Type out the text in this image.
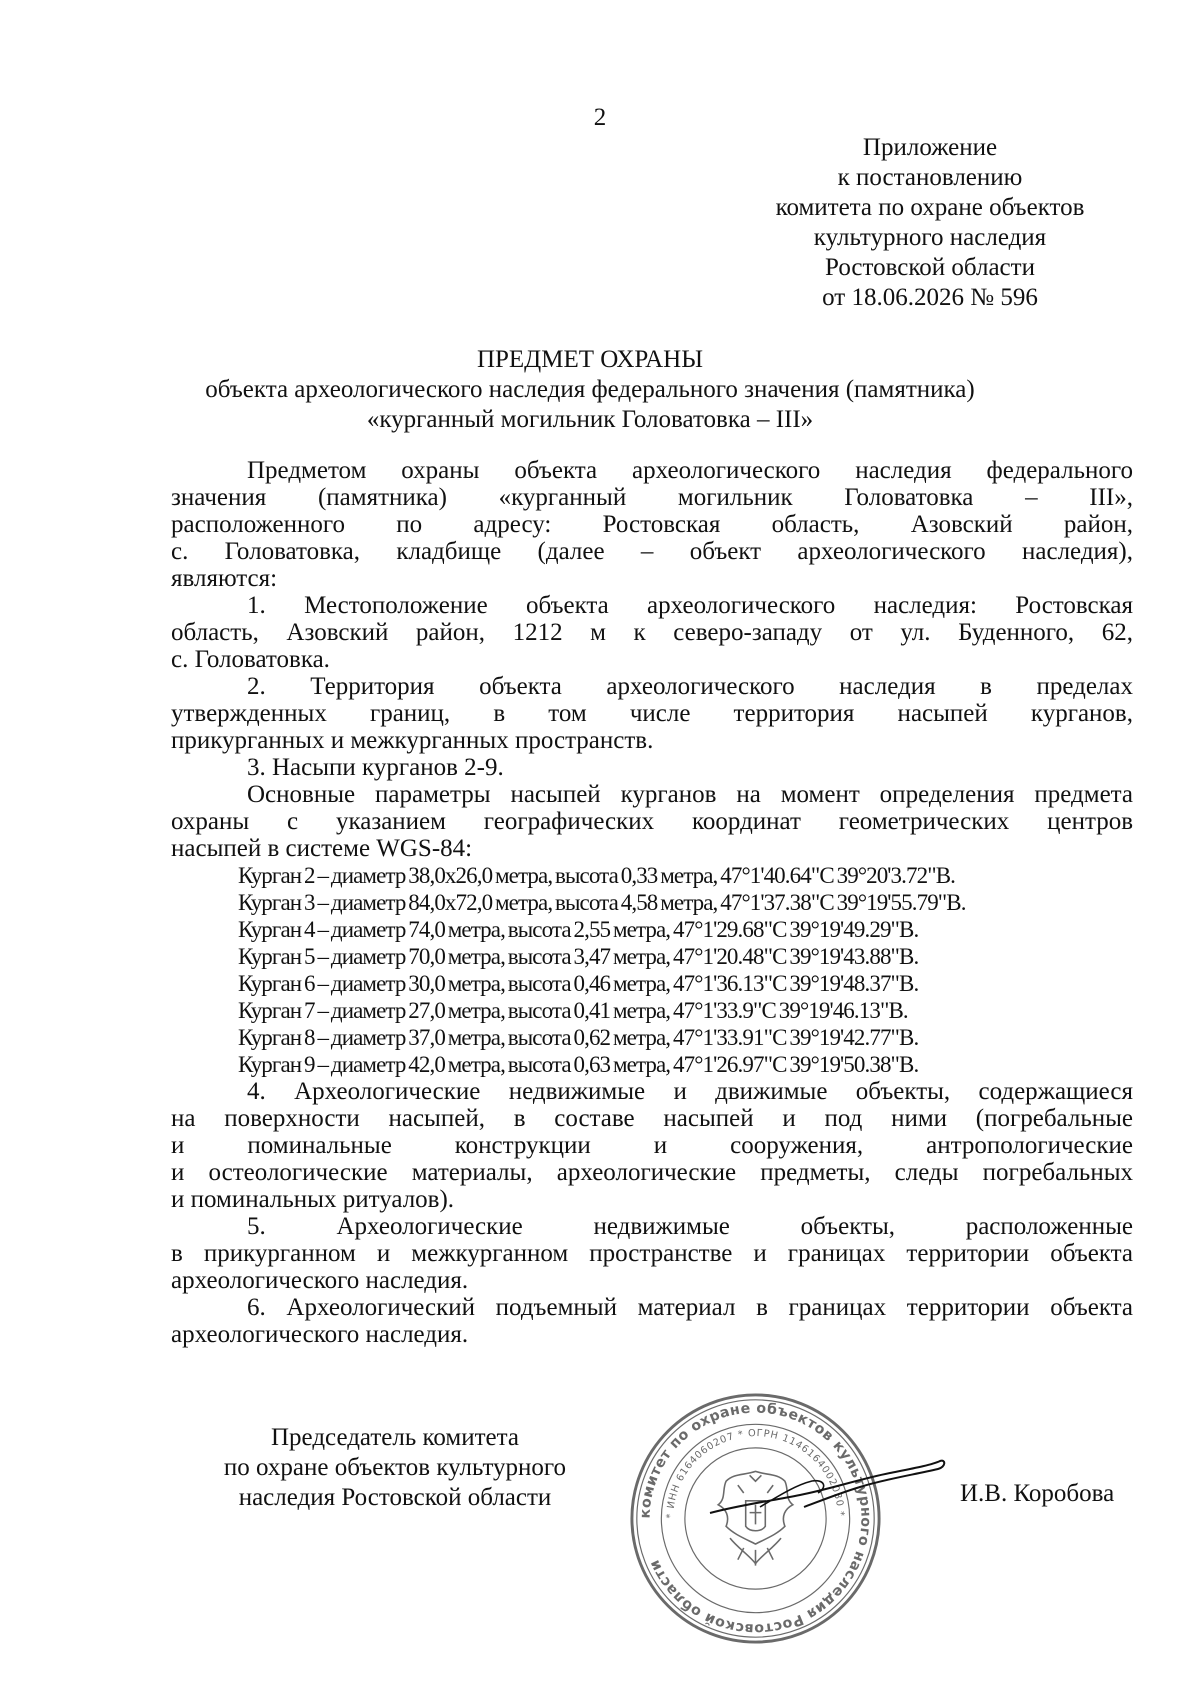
2
Приложение
к постановлению
комитета по охране объектов
культурного наследия
Ростовской области
от 18.06.2026 № 596
ПРЕДМЕТ ОХРАНЫ
объекта археологического наследия федерального значения (памятника)
«курганный могильник Головатовка – III»
Предметом охраны объекта археологического наследия федерального
значения (памятника) «курганный могильник Головатовка – III»,
расположенного по адресу: Ростовская область, Азовский район,
с. Головатовка, кладбище (далее – объект археологического наследия),
являются:
1. Местоположение объекта археологического наследия: Ростовская
область, Азовский район, 1212 м к северо-западу от ул. Буденного, 62,
с. Головатовка.
2. Территория объекта археологического наследия в пределах
утвержденных границ, в том числе территория насыпей курганов,
прикурганных и межкурганных пространств.
3. Насыпи курганов 2-9.
Основные параметры насыпей курганов на момент определения предмета
охраны с указанием географических координат геометрических центров
насыпей в системе WGS-84:
Курган 2 – диаметр 38,0х26,0 метра, высота 0,33 метра, 47°1'40.64"С 39°20'3.72"В.
Курган 3 – диаметр 84,0х72,0 метра, высота 4,58 метра, 47°1'37.38"С 39°19'55.79"В.
Курган 4 – диаметр 74,0 метра, высота 2,55 метра, 47°1'29.68"С 39°19'49.29"В.
Курган 5 – диаметр 70,0 метра, высота 3,47 метра, 47°1'20.48"С 39°19'43.88"В.
Курган 6 – диаметр 30,0 метра, высота 0,46 метра, 47°1'36.13"С 39°19'48.37"В.
Курган 7 – диаметр 27,0 метра, высота 0,41 метра, 47°1'33.9"С 39°19'46.13"В.
Курган 8 – диаметр 37,0 метра, высота 0,62 метра, 47°1'33.91"С 39°19'42.77"В.
Курган 9 – диаметр 42,0 метра, высота 0,63 метра, 47°1'26.97"С 39°19'50.38"В.
4. Археологические недвижимые и движимые объекты, содержащиеся
на поверхности насыпей, в составе насыпей и под ними (погребальные
и поминальные конструкции и сооружения, антропологические
и остеологические материалы, археологические предметы, следы погребальных
и поминальных ритуалов).
5. Археологические недвижимые объекты, расположенные
в прикурганном и межкурганном пространстве и границах территории объекта
археологического наследия.
6. Археологический подъемный материал в границах территории объекта
археологического наследия.
Председатель комитета
по охране объектов культурного
наследия Ростовской области
комитет по охране объектов культурного наследия Ростовской области
* ИНН 6164060207 * ОГРН 1146164002030 *
И.В. Коробова
